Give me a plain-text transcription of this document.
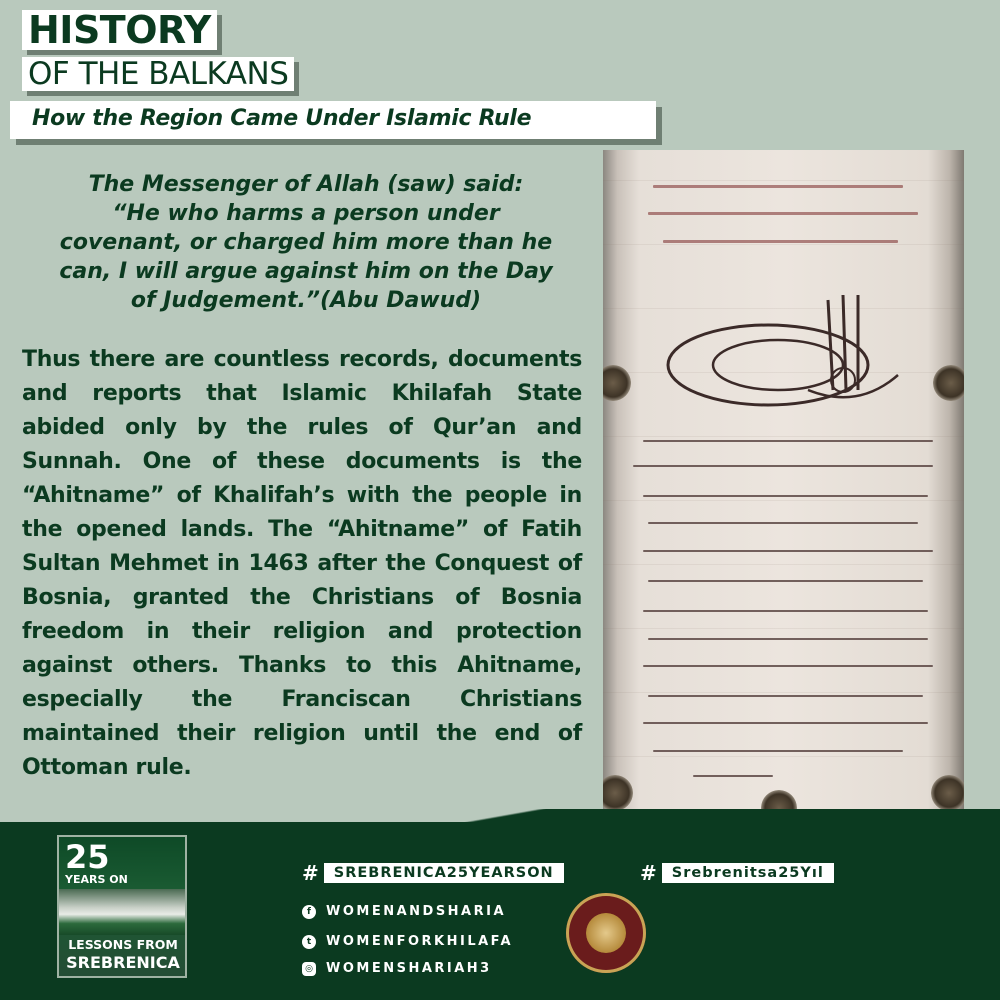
HISTORY
OF THE BALKANS
How the Region Came Under Islamic Rule
The Messenger of Allah (saw) said:
“He who harms a person under
covenant, or charged him more than he
can, I will argue against him on the Day
of Judgement.”(Abu Dawud)
Thus there are countless records, documents and reports that Islamic Khilafah State abided only by the rules of Qur’an and Sunnah. One of these documents is the “Ahitname” of Khalifah’s with the people in the opened lands. The “Ahitname” of Fatih Sultan Mehmet in 1463 after the Conquest of Bosnia, granted the Christians of Bosnia freedom in their religion and protection against others. Thanks to this Ahitname, especially the Franciscan Christians maintained their religion until the end of Ottoman rule.
25
YEARS ON
LESSONS FROM
SREBRENICA
#	SREBRENICA25YEARSON	#	Srebrenitsa25Yıl
f	WOMENANDSHARIA
t	WOMENFORKHILAFA
◎ WOMENSHARIAH3
